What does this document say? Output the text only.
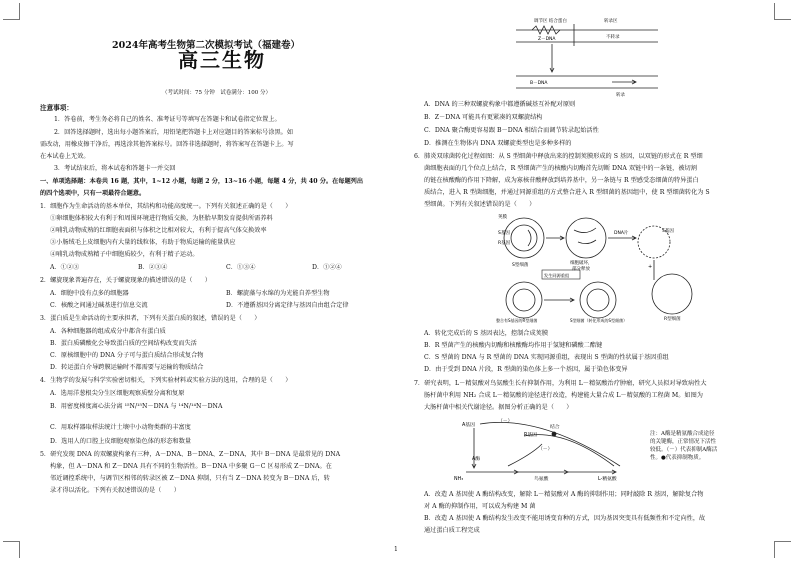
2024年高考生物第二次模拟考试（福建卷）
高三生物
（考试时间：75 分钟　试卷满分：100 分）
注意事项：
1．答卷前，考生务必将自己的姓名、准考证号等填写在答题卡和试卷指定位置上。
2．回答选择题时，选出每小题答案后，用铅笔把答题卡上对应题目的答案标号涂黑。如
需改动，用橡皮擦干净后，再选涂其他答案标号。回答非选择题时，将答案写在答题卡上。写
在本试卷上无效。
3．考试结束后，将本试卷和答题卡一并交回
一、单项选择题：本卷共 16 题，其中，1~12 小题，每题 2 分，13~16 小题，每题 4 分，共 40 分。在每题列出
的四个选项中，只有一项最符合题意。
1．细胞作为生命活动的基本单位，其结构和功能高度统一。下列有关叙述正确的是（　　）
①卵细胞体积较大有利于和周围环境进行物质交换，为胚胎早期发育提供所需养料
②哺乳动物成熟的红细胞表面积与体积之比相对较大，有利于提高气体交换效率
③小肠绒毛上皮细胞内有大量的线粒体，有助于物质运输的能量供应
④哺乳动物成熟精子中细胞质较少，有利于精子运动。
A．①②③	B．②③④	C．①③④	D．①②④
2．螺旋现象普遍存在，关于螺旋现象的描述错误的是（　　）
A．细胞中没有点多的细胞器	B．螺旋藻与水绵的为光能自养型生物
C．核酸之间通过碱基进行信息交流	D．不遵循基因分离定律与基因自由组合定律
3．蛋白质是生命活动的主要承担者，下列有关蛋白质的叙述，错误的是（　　）
A．各种细胞器的组成成分中都含有蛋白质
B．蛋白质磷酸化会导致蛋白质的空间结构改变而失活
C．原核细胞中的 DNA 分子可与蛋白质结合形成复合物
D．转运蛋白介导跨膜运输时不都需要与运输的物质结合
4．生物学的发展与科学实验密切相关，下列实验材料或实验方法的选用，合理的是（　　）
A．选用洋葱根尖分生区细胞观察质壁分离和复原
B．用密度梯度离心法分离 ¹⁵N/¹⁵N－DNA 与 ¹⁴N/¹⁴N－DNA
C．用取样器取样法统计土壤中小动物类群的丰富度
D．选用人的口腔上皮细胞观察染色体的形态和数量
5．研究发现 DNA 的双螺旋构象有三种，A－DNA、B－DNA、Z－DNA，其中 B－DNA 是最常见的 DNA
构象，但 A－DNA 和 Z－DNA 具有不同的生物活性。B－DNA 中多聚 G－C 区易形成 Z－DNA。在
邻近调控系统中，与调节区相邻的转录区被 Z－DNA 抑制，只有当 Z－DNA 转变为 B－DNA 后，转
录才得以活化。下列有关叙述错误的是（　　）
调节区 结合蛋白	转录区
Z－DNA	不转录
B－DNA
转录
A．DNA 的三种双螺旋构象中都遵循碱基互补配对原则
B．Z－DNA 可能具有更紧凑的双螺旋结构
C．DNA 聚合酶更容易跟 B－DNA 相结合而调节转录起始活性
D．推测在生物体内 DNA 双螺旋类型也是多种多样的
6．肺炎双球菌转化过程如图：从 S 型细菌中释放出来的控制荚膜形成的 S 基因，以双链的形式在 R 型细
菌细胞表面的几个位点上结合，R 型细菌产生的核酸内切酶首先切断 DNA 双链中的一条链，被切割
的链在核酸酶的作用下降解，成为寡核苷酸释放到培养基中，另一条链与 R 型感受态细菌的特异蛋白
质结合，进入 R 型菌细胞，并通过同源重组的方式整合进入 R 型细菌的基因组中，使 R 型细菌转化为 S
型细菌。下列有关叙述错误的是（　　）
荚膜
S基因
R基因
S型细菌	细胞破坏，
部分释放
DNA片	S基因
R型细菌
发生同源重组
整合有S基因的R型细菌	S型细菌（转化形成的S型细菌）
+
A．转化完成后的 S 基因表达，控制合成荚膜
B．R 型菌产生的核酸内切酶和核酸酶均作用于氢键和磷酸二酯键
C．S 型菌的 DNA 与 R 型菌的 DNA 实现同源重组，表现出 S 型菌的性状属于基因重组
D．由于受到 DNA 片段，R 型菌的染色体上多一个基因，属于染色体变异
7．研究表明，L－精氨酸对鸟氨酸生长有抑制作用，为利用 L－精氨酸治疗肿瘤，研究人员拟对导致病性大
肠杆菌中利用 NH₂ 合成 L－精氨酸的途径进行改造，构建能大量合成 L－精氨酸的工程菌 M。如图为
大肠杆菌中相关代谢途径。据图分析正确的是（　　）
A基因
（－）
R基因
结合
（－）
NH₃
A酶
鸟氨酸	L-精氨酸
注：A酶是精氨酸合成途径
的关键酶，正常情况下活性
较低。（－）代表抑制A酶活
性。●代表抑制物质。
A．改造 A 基因使 A 酶结构改变，解除 L－精氨酸对 A 酶的抑制作用；同时敲除 R 基因，解除复合物
对 A 酶的抑制作用，可以成为构建 M 菌
B．改造 A 基因使 A 酶结构发生改变不能用诱变育种的方式，因为基因突变具有低频性和不定向性，故
通过蛋白质工程完成
1
